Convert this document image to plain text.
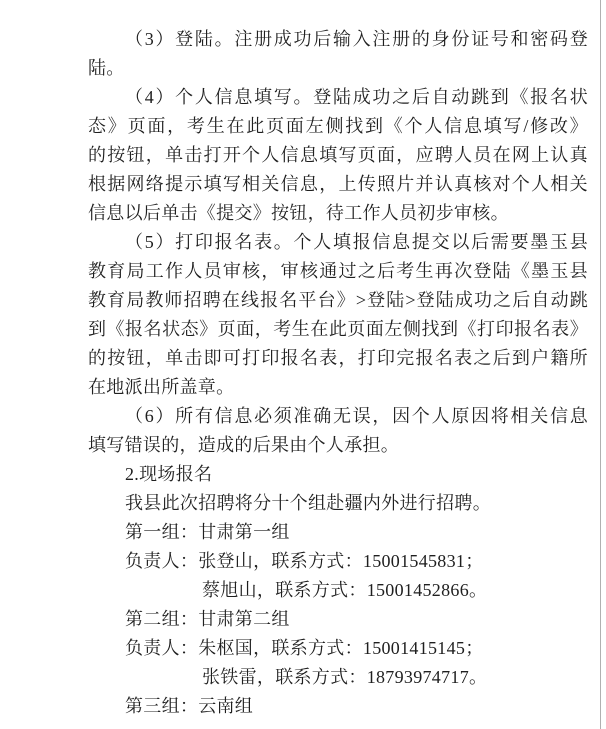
（3）登陆。注册成功后输入注册的身份证号和密码登
陆。
（4）个人信息填写。登陆成功之后自动跳到《报名状
态》页面，考生在此页面左侧找到《个人信息填写/修改》
的按钮，单击打开个人信息填写页面，应聘人员在网上认真
根据网络提示填写相关信息，上传照片并认真核对个人相关
信息以后单击《提交》按钮，待工作人员初步审核。
（5）打印报名表。个人填报信息提交以后需要墨玉县
教育局工作人员审核，审核通过之后考生再次登陆《墨玉县
教育局教师招聘在线报名平台》>登陆>登陆成功之后自动跳
到《报名状态》页面，考生在此页面左侧找到《打印报名表》
的按钮，单击即可打印报名表，打印完报名表之后到户籍所
在地派出所盖章。
（6）所有信息必须准确无误，因个人原因将相关信息
填写错误的，造成的后果由个人承担。
2.现场报名
我县此次招聘将分十个组赴疆内外进行招聘。
第一组：甘肃第一组
负责人：张登山，联系方式：15001545831；
蔡旭山，联系方式：15001452866。
第二组：甘肃第二组
负责人：朱枢国，联系方式：15001415145；
张铁雷，联系方式：18793974717。
第三组：云南组
